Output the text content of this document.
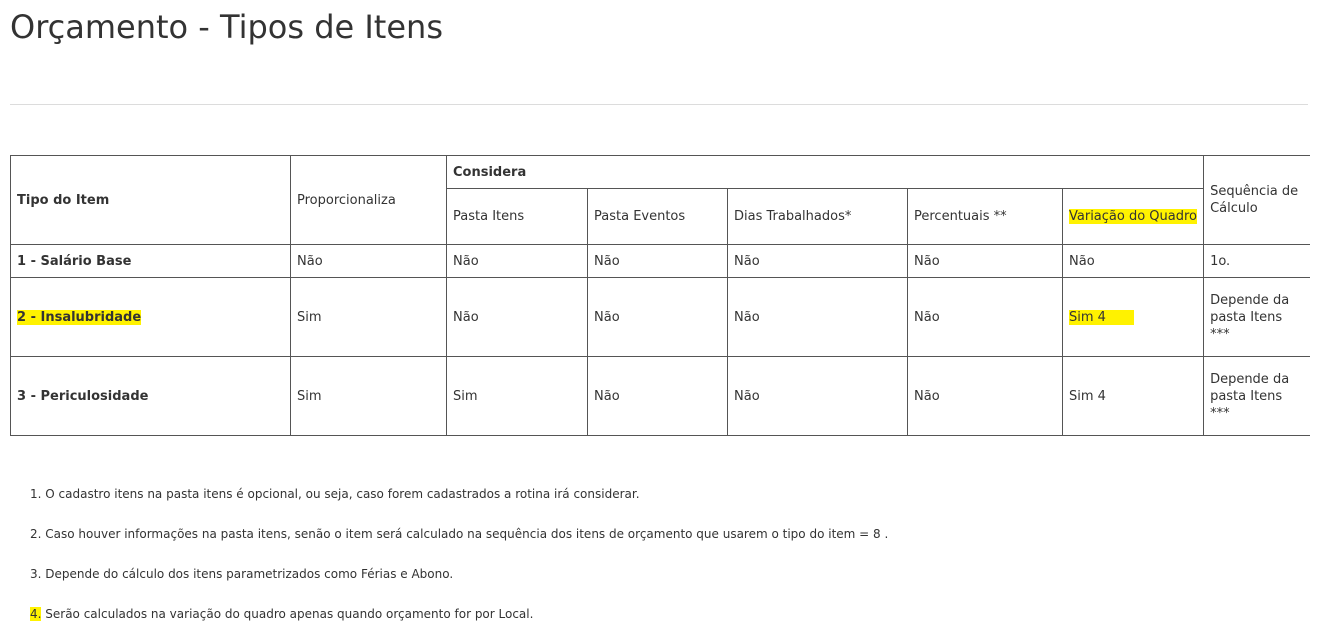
Orçamento - Tipos de Itens
Tipo do Item	Proporcionaliza	Considera					Sequência de Cálculo
		Pasta Itens	Pasta Eventos	Dias Trabalhados*	Percentuais **	Variação do Quadro	
1 - Salário Base	Não	Não	Não	Não	Não	Não	1o.
2 - Insalubridade	Sim	Não	Não	Não	Não	Sim 4	Depende da pasta Itens ***
3 - Periculosidade	Sim	Sim	Não	Não	Não	Sim 4	Depende da pasta Itens ***
1. O cadastro itens na pasta itens é opcional, ou seja, caso forem cadastrados a rotina irá considerar.
2. Caso houver informações na pasta itens, senão o item será calculado na sequência dos itens de orçamento que usarem o tipo do item = 8 .
3. Depende do cálculo dos itens parametrizados como Férias e Abono.
4. Serão calculados na variação do quadro apenas quando orçamento for por Local.
